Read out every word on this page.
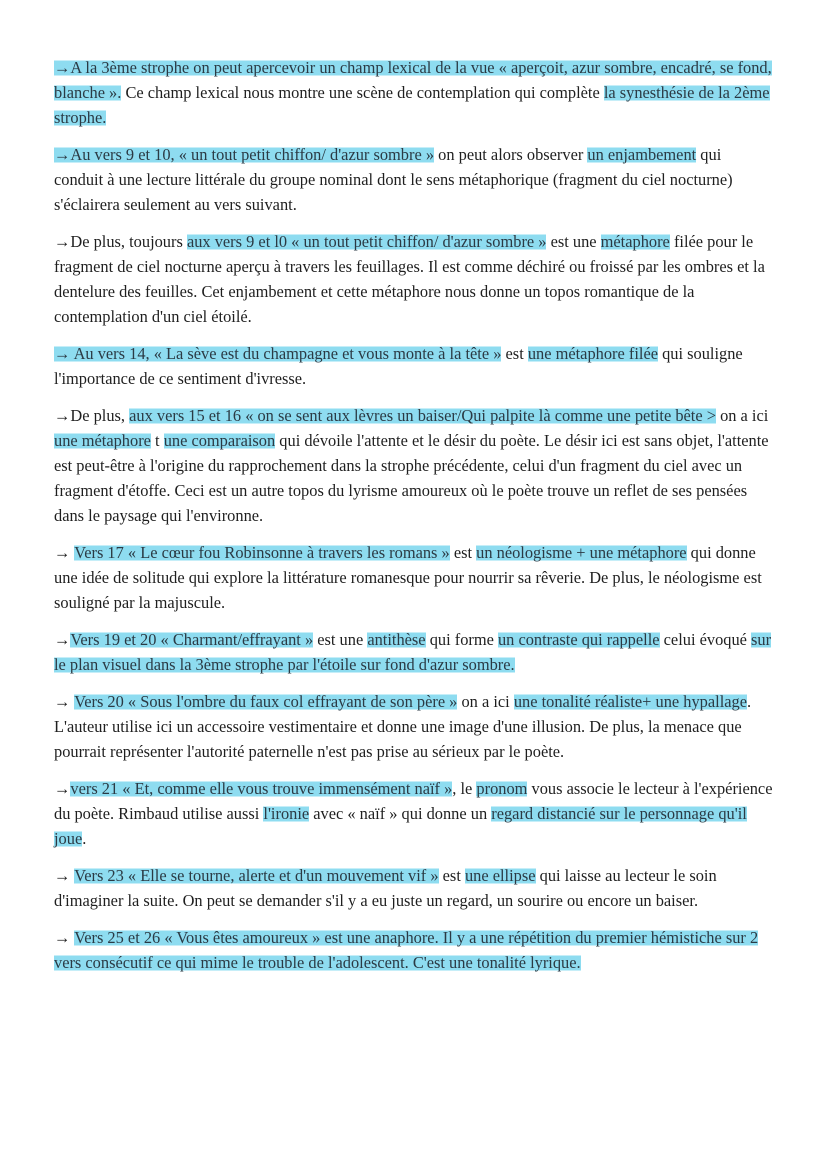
→A la 3ème strophe on peut apercevoir un champ lexical de la vue « aperçoit, azur sombre, encadré, se fond, blanche ». Ce champ lexical nous montre une scène de contemplation qui complète la synesthésie de la 2ème strophe.

→Au vers 9 et 10, « un tout petit chiffon/ d'azur sombre » on peut alors observer un enjambement qui conduit à une lecture littérale du groupe nominal dont le sens métaphorique (fragment du ciel nocturne) s'éclairera seulement au vers suivant.

→De plus, toujours aux vers 9 et l0 « un tout petit chiffon/ d'azur sombre » est une métaphore filée pour le fragment de ciel nocturne aperçu à travers les feuillages. Il est comme déchiré ou froissé par les ombres et la dentelure des feuilles. Cet enjambement et cette métaphore nous donne un topos romantique de la contemplation d'un ciel étoilé.

→ Au vers 14, « La sève est du champagne et vous monte à la tête » est une métaphore filée qui souligne l'importance de ce sentiment d'ivresse.

→De plus, aux vers 15 et 16 « on se sent aux lèvres un baiser/Qui palpite là comme une petite bête > on a ici une métaphore t une comparaison qui dévoile l'attente et le désir du poète. Le désir ici est sans objet, l'attente est peut-être à l'origine du rapprochement dans la strophe précédente, celui d'un fragment du ciel avec un fragment d'étoffe. Ceci est un autre topos du lyrisme amoureux où le poète trouve un reflet de ses pensées dans le paysage qui l'environne.

→ Vers 17 « Le cœur fou Robinsonne à travers les romans » est un néologisme + une métaphore qui donne une idée de solitude qui explore la littérature romanesque pour nourrir sa rêverie. De plus, le néologisme est souligné par la majuscule.

→Vers 19 et 20 « Charmant/effrayant » est une antithèse qui forme un contraste qui rappelle celui évoqué sur le plan visuel dans la 3ème strophe par l'étoile sur fond d'azur sombre.

→ Vers 20 « Sous l'ombre du faux col effrayant de son père » on a ici une tonalité réaliste+ une hypallage. L'auteur utilise ici un accessoire vestimentaire et donne une image d'une illusion. De plus, la menace que pourrait représenter l'autorité paternelle n'est pas prise au sérieux par le poète.

→vers 21 « Et, comme elle vous trouve immensément naïf », le pronom vous associe le lecteur à l'expérience du poète. Rimbaud utilise aussi l'ironie avec « naïf » qui donne un regard distancié sur le personnage qu'il joue.

→ Vers 23 « Elle se tourne, alerte et d'un mouvement vif » est une ellipse qui laisse au lecteur le soin d'imaginer la suite. On peut se demander s'il y a eu juste un regard, un sourire ou encore un baiser.

→ Vers 25 et 26 « Vous êtes amoureux » est une anaphore. Il y a une répétition du premier hémistiche sur 2 vers consécutif ce qui mime le trouble de l'adolescent. C'est une tonalité lyrique.
